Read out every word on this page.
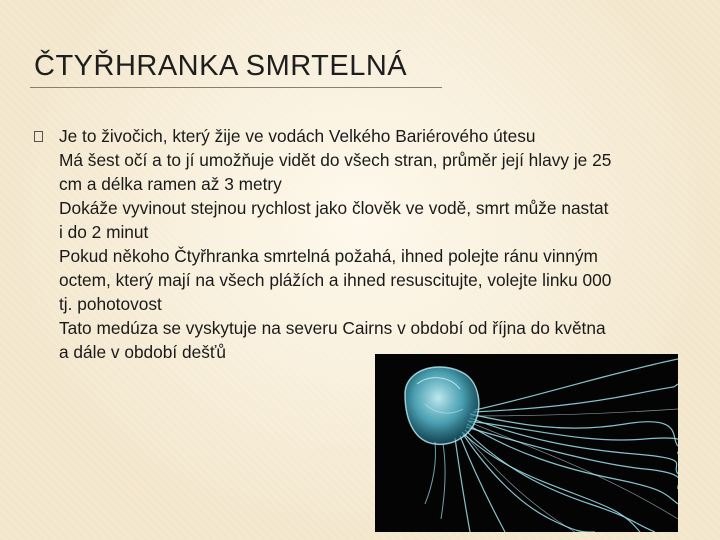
ČTYŘHRANKA SMRTELNÁ
Je to živočich, který žije ve vodách Velkého Bariérového útesu
Má šest očí a to jí umožňuje vidět do všech stran, průměr její hlavy je 25
cm a délka ramen až 3 metry
Dokáže vyvinout stejnou rychlost jako člověk ve vodě, smrt může nastat
i do 2 minut
Pokud někoho Čtyřhranka smrtelná požahá, ihned polejte ránu vinným
octem, který mají na všech plážích a ihned resuscitujte, volejte linku 000
tj. pohotovost
Tato medúza se vyskytuje na severu Cairns v období od října do května
a dále v období dešťů
